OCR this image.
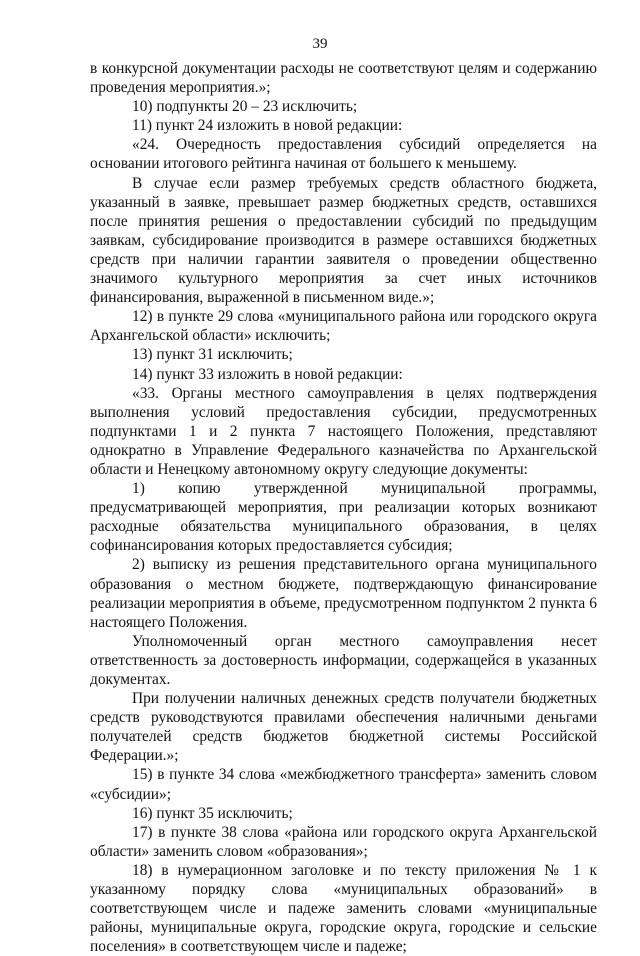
39

в конкурсной документации расходы не соответствуют целям и содержанию проведения мероприятия.»;

10) подпункты 20 – 23 исключить;

11) пункт 24 изложить в новой редакции:

«24. Очередность предоставления субсидий определяется на основании итогового рейтинга начиная от большего к меньшему.

В случае если размер требуемых средств областного бюджета, указанный в заявке, превышает размер бюджетных средств, оставшихся после принятия решения о предоставлении субсидий по предыдущим заявкам, субсидирование производится в размере оставшихся бюджетных средств при наличии гарантии заявителя о проведении общественно значимого культурного мероприятия за счет иных источников финансирования, выраженной в письменном виде.»;

12) в пункте 29 слова «муниципального района или городского округа Архангельской области» исключить;

13) пункт 31 исключить;

14) пункт 33 изложить в новой редакции:

«33. Органы местного самоуправления в целях подтверждения выполнения условий предоставления субсидии, предусмотренных подпунктами 1 и 2 пункта 7 настоящего Положения, представляют однократно в Управление Федерального казначейства по Архангельской области и Ненецкому автономному округу следующие документы:

1) копию утвержденной муниципальной программы, предусматривающей мероприятия, при реализации которых возникают расходные обязательства муниципального образования, в целях софинансирования которых предоставляется субсидия;

2) выписку из решения представительного органа муниципального образования о местном бюджете, подтверждающую финансирование реализации мероприятия в объеме, предусмотренном подпунктом 2 пункта 6 настоящего Положения.

Уполномоченный орган местного самоуправления несет ответственность за достоверность информации, содержащейся в указанных документах.

При получении наличных денежных средств получатели бюджетных средств руководствуются правилами обеспечения наличными деньгами получателей средств бюджетов бюджетной системы Российской Федерации.»;

15) в пункте 34 слова «межбюджетного трансферта» заменить словом «субсидии»;

16) пункт 35 исключить;

17) в пункте 38 слова «района или городского округа Архангельской области» заменить словом «образования»;

18) в нумерационном заголовке и по тексту приложения № 1 к указанному порядку слова «муниципальных образований» в соответствующем числе и падеже заменить словами «муниципальные районы, муниципальные округа, городские округа, городские и сельские поселения» в соответствующем числе и падеже;
